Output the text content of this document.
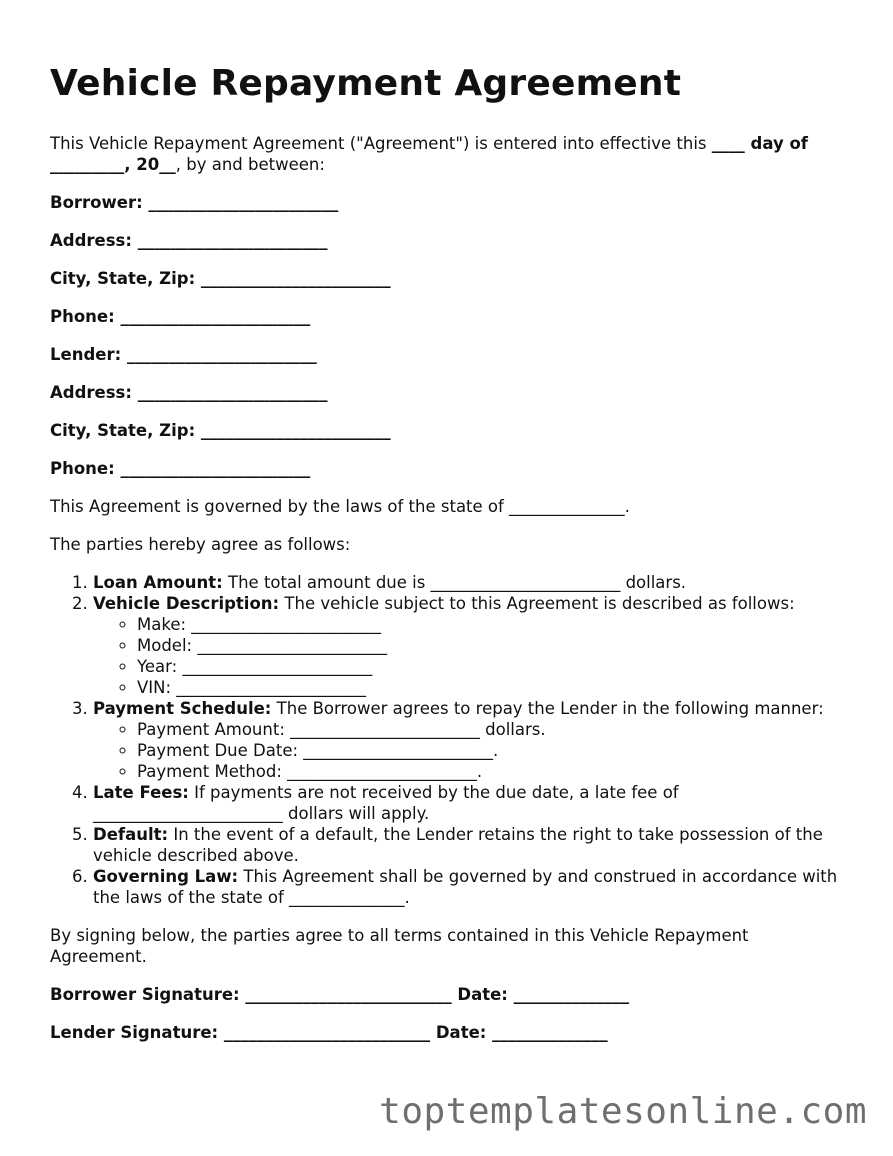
Vehicle Repayment Agreement

This Vehicle Repayment Agreement ("Agreement") is entered into effective this ____ day of _________, 20__, by and between:

Borrower: _______________________
Address: _______________________
City, State, Zip: _______________________
Phone: _______________________
Lender: _______________________
Address: _______________________
City, State, Zip: _______________________
Phone: _______________________

This Agreement is governed by the laws of the state of ______________.

The parties hereby agree as follows:

1. Loan Amount: The total amount due is _______________________ dollars.
2. Vehicle Description: The vehicle subject to this Agreement is described as follows:
◦ Make: _______________________
◦ Model: _______________________
◦ Year: _______________________
◦ VIN: _______________________
3. Payment Schedule: The Borrower agrees to repay the Lender in the following manner:
◦ Payment Amount: _______________________ dollars.
◦ Payment Due Date: _______________________.
◦ Payment Method: _______________________.
4. Late Fees: If payments are not received by the due date, a late fee of _______________________ dollars will apply.
5. Default: In the event of a default, the Lender retains the right to take possession of the vehicle described above.
6. Governing Law: This Agreement shall be governed by and construed in accordance with the laws of the state of ______________.

By signing below, the parties agree to all terms contained in this Vehicle Repayment Agreement.

Borrower Signature: _________________________ Date: ______________
Lender Signature: _________________________ Date: ______________
toptemplatesonline.com
